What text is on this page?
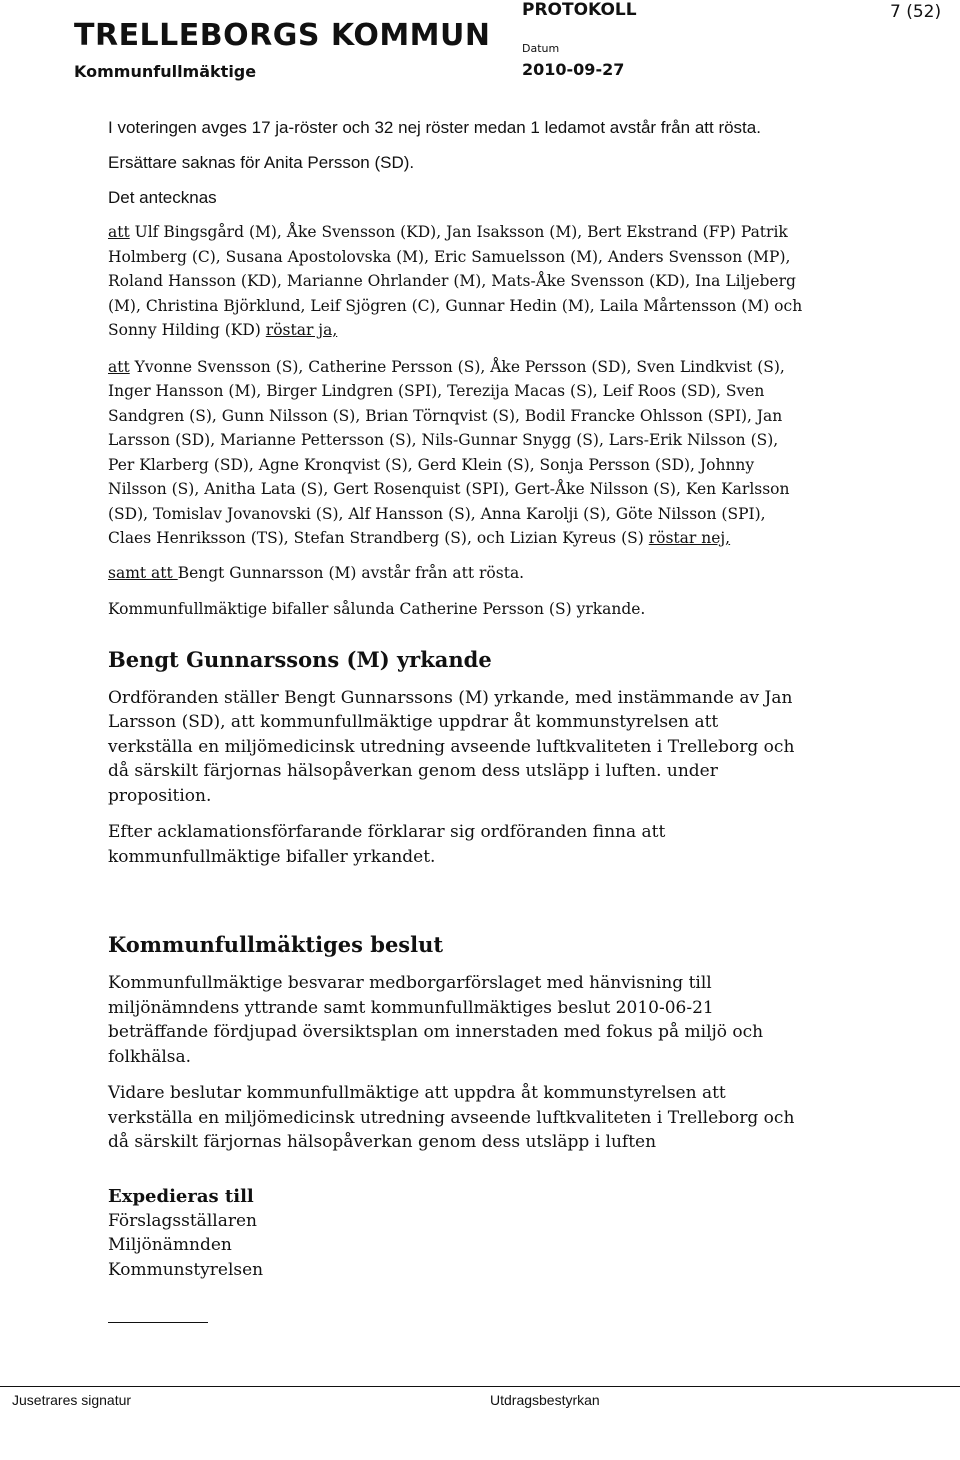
TRELLEBORGS KOMMUN
Kommunfullmäktige
PROTOKOLL
Datum
2010-09-27
7 (52)

I voteringen avges 17 ja-röster och 32 nej röster medan 1 ledamot avstår från att rösta.

Ersättare saknas för Anita Persson (SD).

Det antecknas

att Ulf Bingsgård (M), Åke Svensson (KD), Jan Isaksson (M), Bert Ekstrand (FP) Patrik Holmberg (C), Susana Apostolovska (M), Eric Samuelsson (M), Anders Svensson (MP), Roland Hansson (KD), Marianne Ohrlander (M), Mats-Åke Svensson (KD), Ina Liljeberg (M), Christina Björklund, Leif Sjögren (C), Gunnar Hedin (M), Laila Mårtensson (M) och Sonny Hilding (KD) röstar ja,

att Yvonne Svensson (S), Catherine Persson (S), Åke Persson (SD), Sven Lindkvist (S), Inger Hansson (M), Birger Lindgren (SPI), Terezija Macas (S), Leif Roos (SD), Sven Sandgren (S), Gunn Nilsson (S), Brian Törnqvist (S), Bodil Francke Ohlsson (SPI), Jan Larsson (SD), Marianne Pettersson (S), Nils-Gunnar Snygg (S), Lars-Erik Nilsson (S), Per Klarberg (SD), Agne Kronqvist (S), Gerd Klein (S), Sonja Persson (SD), Johnny Nilsson (S), Anitha Lata (S), Gert Rosenquist (SPI), Gert-Åke Nilsson (S), Ken Karlsson (SD), Tomislav Jovanovski (S), Alf Hansson (S), Anna Karolji (S), Göte Nilsson (SPI), Claes Henriksson (TS), Stefan Strandberg (S), och Lizian Kyreus (S) röstar nej,

samt att Bengt Gunnarsson (M) avstår från att rösta.

Kommunfullmäktige bifaller sålunda Catherine Persson (S) yrkande.

Bengt Gunnarssons (M) yrkande

Ordföranden ställer Bengt Gunnarssons (M) yrkande, med instämmande av Jan Larsson (SD), att kommunfullmäktige uppdrar åt kommunstyrelsen att verkställa en miljömedicinsk utredning avseende luftkvaliteten i Trelleborg och då särskilt färjornas hälsopåverkan genom dess utsläpp i luften. under proposition.

Efter acklamationsförfarande förklarar sig ordföranden finna att kommunfullmäktige bifaller yrkandet.

Kommunfullmäktiges beslut

Kommunfullmäktige besvarar medborgarförslaget med hänvisning till miljönämndens yttrande samt kommunfullmäktiges beslut 2010-06-21 beträffande fördjupad översiktsplan om innerstaden med fokus på miljö och folkhälsa.

Vidare beslutar kommunfullmäktige att uppdra åt kommunstyrelsen att verkställa en miljömedicinsk utredning avseende luftkvaliteten i Trelleborg och då särskilt färjornas hälsopåverkan genom dess utsläpp i luften

Expedieras till
Förslagsställaren
Miljönämnden
Kommunstyrelsen
Jusetrares signatur	Utdragsbestyrkan
